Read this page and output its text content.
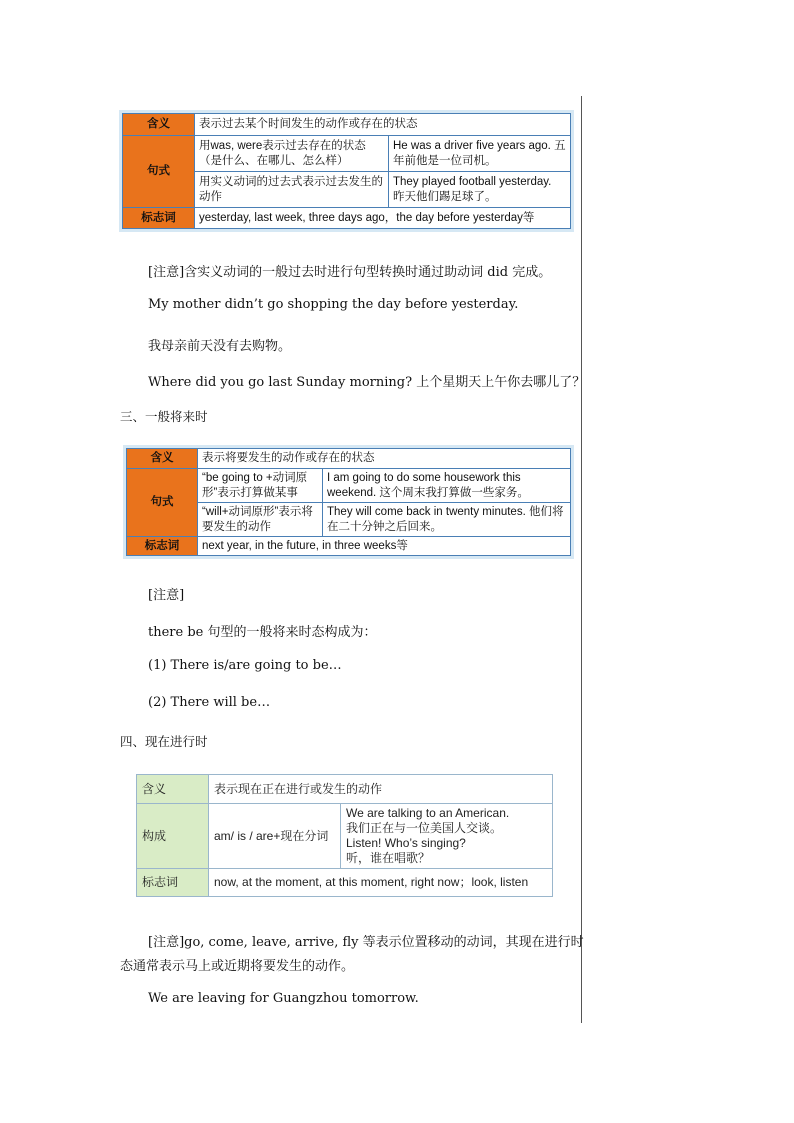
含义	表示过去某个时间发生的动作或存在的状态	
句式	用was, were表示过去存在的状态（是什么、在哪儿、怎么样）	He was a driver five years ago. 五年前他是一位司机。
	用实义动词的过去式表示过去发生的动作	They played football yesterday. 昨天他们踢足球了。
标志词	yesterday, last week, three days ago，the day before yesterday等	
[注意]含实义动词的一般过去时进行句型转换时通过助动词 did 完成。
My mother didn’t go shopping the day before yesterday.
我母亲前天没有去购物。
Where did you go last Sunday morning? 上个星期天上午你去哪儿了？
三、一般将来时
含义	表示将要发生的动作或存在的状态	
句式	“be going to +动词原形”表示打算做某事	I am going to do some housework this weekend. 这个周末我打算做一些家务。
	“will+动词原形”表示将要发生的动作	They will come back in twenty minutes. 他们将在二十分钟之后回来。
标志词	next year, in the future, in three weeks等	
[注意]
there be 句型的一般将来时态构成为：
(1) There is/are going to be…
(2) There will be…
四、现在进行时
含义	表示现在正在进行或发生的动作	
构成	am/ is / are+现在分词	We are talking to an American.
我们正在与一位美国人交谈。
Listen! Who’s singing?
听，谁在唱歌？

标志词	now, at the moment, at this moment, right now；look, listen	
[注意]go, come, leave, arrive, fly 等表示位置移动的动词，其现在进行时
态通常表示马上或近期将要发生的动作。
We are leaving for Guangzhou tomorrow.
